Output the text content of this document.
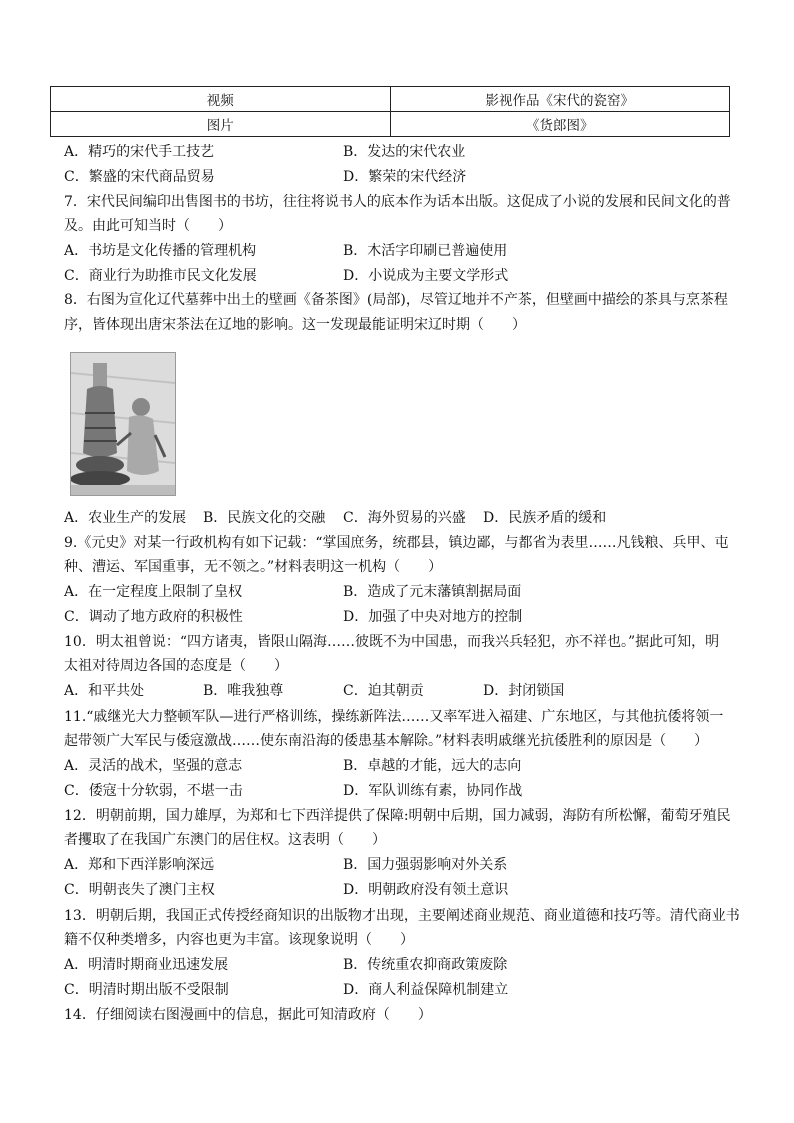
视频	影视作品《宋代的瓷窑》
图片	《货郎图》
A．精巧的宋代手工技艺	B．发达的宋代农业
C．繁盛的宋代商品贸易	D．繁荣的宋代经济
7．宋代民间编印出售图书的书坊，往往将说书人的底本作为话本出版。这促成了小说的发展和民间文化的普
及。由此可知当时（　　）
A．书坊是文化传播的管理机构	B．木活字印刷已普遍使用
C．商业行为助推市民文化发展	D．小说成为主要文学形式
8．右图为宣化辽代墓葬中出土的壁画《备茶图》(局部)，尽管辽地并不产茶，但壁画中描绘的茶具与烹茶程
序，皆体现出唐宋茶法在辽地的影响。这一发现最能证明宋辽时期（　　）
A．农业生产的发展 B．民族文化的交融 C．海外贸易的兴盛 D．民族矛盾的缓和
9.《元史》对某一行政机构有如下记载：“掌国庶务，统郡县，镇边鄙，与都省为表里……凡钱粮、兵甲、屯
种、漕运、军国重事，无不领之。”材料表明这一机构（　　）
A．在一定程度上限制了皇权	B．造成了元末藩镇割据局面
C．调动了地方政府的积极性	D．加强了中央对地方的控制
10．明太祖曾说：“四方诸夷，皆限山隔海……彼既不为中国患，而我兴兵轻犯，亦不祥也。”据此可知，明
太祖对待周边各国的态度是（　　）
A．和平共处	B．唯我独尊	C．迫其朝贡	D．封闭锁国
11.“戚继光大力整顿军队—进行严格训练，操练新阵法……又率军进入福建、广东地区，与其他抗倭将领一
起带领广大军民与倭寇激战……使东南沿海的倭患基本解除。”材料表明戚继光抗倭胜利的原因是（　　）
A．灵活的战术，坚强的意志	B．卓越的才能，远大的志向
C．倭寇十分软弱，不堪一击	D．军队训练有素，协同作战
12．明朝前期，国力雄厚，为郑和七下西洋提供了保障:明朝中后期，国力减弱，海防有所松懈，葡萄牙殖民
者攫取了在我国广东澳门的居住权。这表明（　　）
A．郑和下西洋影响深远	B．国力强弱影响对外关系
C．明朝丧失了澳门主权	D．明朝政府没有领土意识
13．明朝后期，我国正式传授经商知识的出版物才出现，主要阐述商业规范、商业道德和技巧等。清代商业书
籍不仅种类增多，内容也更为丰富。该现象说明（　　）
A．明清时期商业迅速发展	B．传统重农抑商政策废除
C．明清时期出版不受限制	D．商人利益保障机制建立
14．仔细阅读右图漫画中的信息，据此可知清政府（　　）
